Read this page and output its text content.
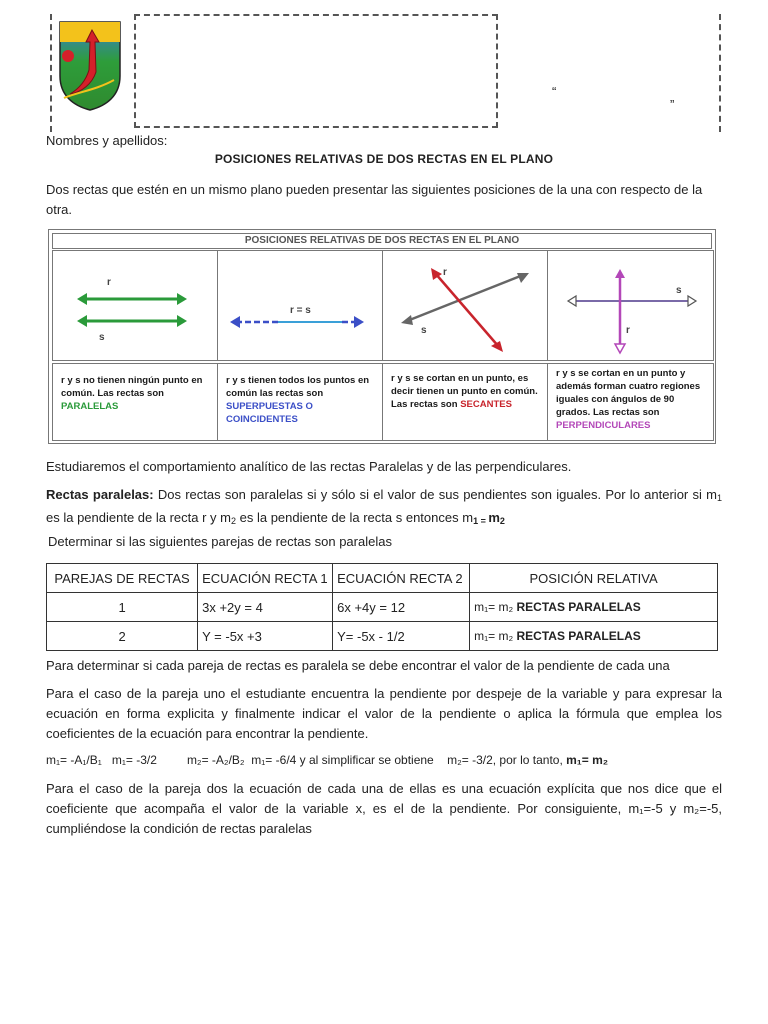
“
”
Nombres y apellidos:
POSICIONES RELATIVAS DE DOS RECTAS EN EL PLANO
Dos rectas que estén en un mismo plano pueden presentar las siguientes posiciones de la una con respecto de la otra.
POSICIONES RELATIVAS DE DOS RECTAS EN EL PLANO
r
s
r = s
r
s
s
r
r y s no tienen ningún punto en común. Las rectas son PARALELAS
r y s tienen todos los puntos en común las rectas son SUPERPUESTAS O COINCIDENTES
r y s se cortan en un punto, es decir tienen un punto en común. Las rectas son SECANTES
r y s se cortan en un punto y además forman cuatro regiones iguales con ángulos de 90 grados. Las rectas son PERPENDICULARES
Estudiaremos el comportamiento analítico de las rectas Paralelas y de las perpendiculares.
Rectas paralelas: Dos rectas son paralelas si y sólo si el valor de sus pendientes son iguales. Por lo anterior si $m_1$ es la pendiente de la recta r y $m_2$ es la pendiente de la recta s entonces $m_{1 =}$ $m_2$
Determinar si las siguientes parejas de rectas son paralelas
PAREJAS DE RECTAS	ECUACIÓN RECTA 1	ECUACIÓN RECTA 2	POSICIÓN RELATIVA
1	3x +2y = 4	6x +4y = 12	m₁= m₂ RECTAS PARALELAS
2	Y = -5x +3	Y= -5x - 1/2	m₁= m₂ RECTAS PARALELAS
Para determinar si cada pareja de rectas es paralela se debe encontrar el valor de la pendiente de cada una
Para el caso de la pareja uno el estudiante encuentra la pendiente por despeje de la variable y para expresar la ecuación en forma explicita y finalmente indicar el valor de la pendiente o aplica la fórmula que emplea los coeficientes de la ecuación para encontrar la pendiente.
m₁= -A₁/B₁ m₁= -3/2	m₂= -A₂/B₂ m₁= -6/4 y al simplificar se obtiene m₂= -3/2, por lo tanto, m₁= m₂
Para el caso de la pareja dos la ecuación de cada una de ellas es una ecuación explícita que nos dice que el coeficiente que acompaña el valor de la variable x, es el de la pendiente. Por consiguiente, m₁=-5 y m₂=-5, cumpliéndose la condición de rectas paralelas
